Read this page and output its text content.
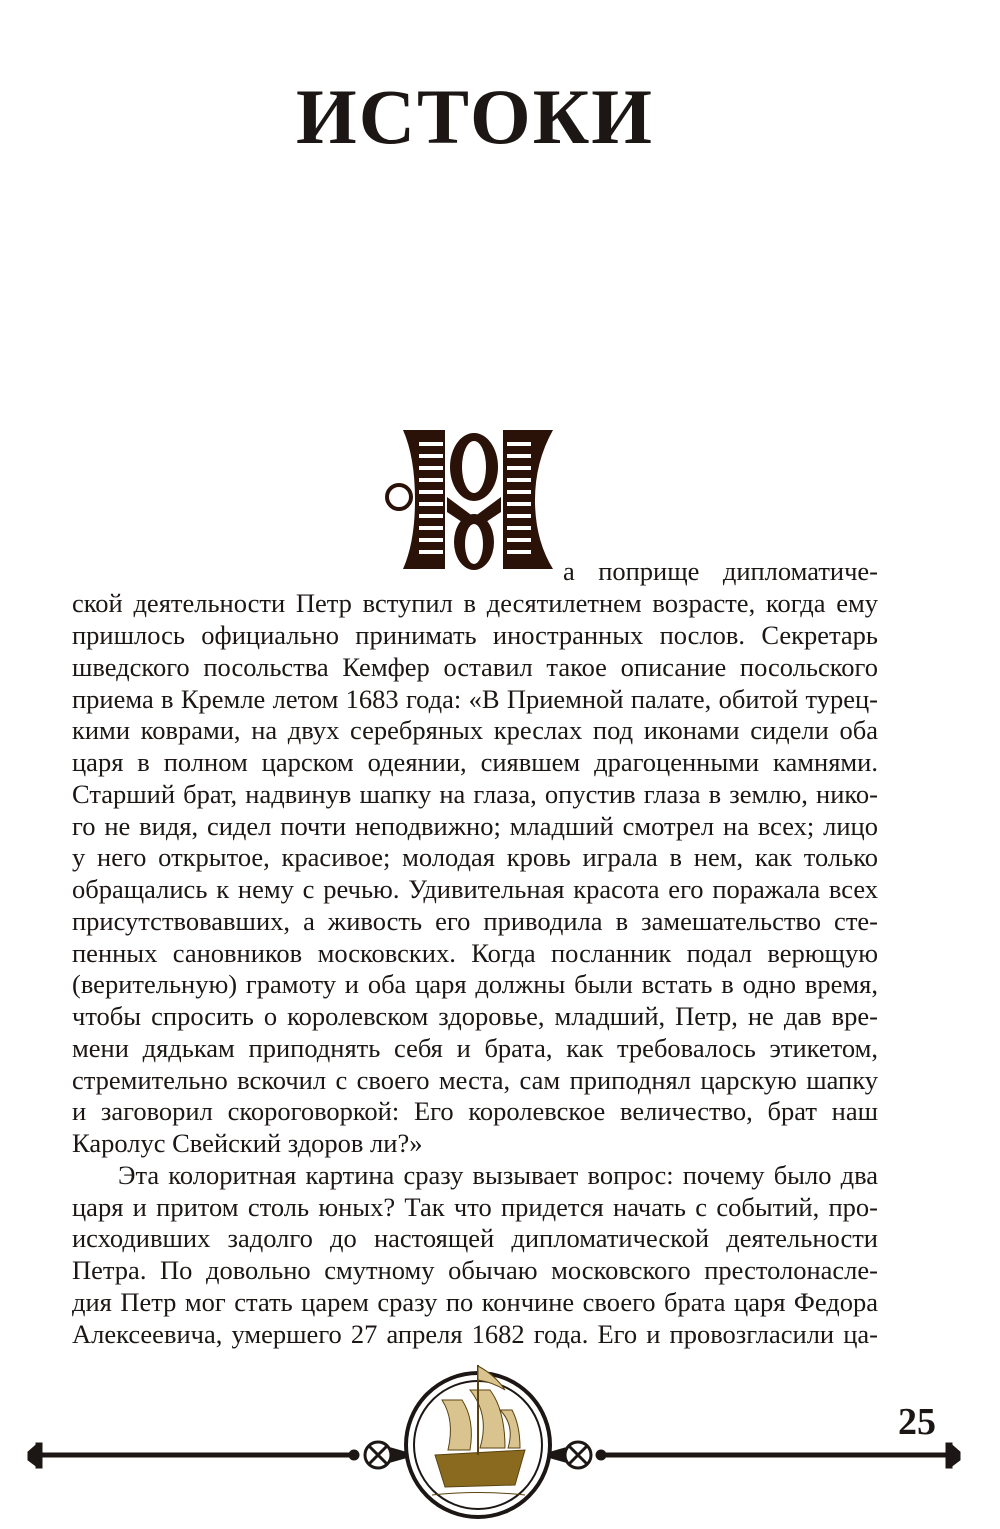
ИСТОКИ
а поприще дипломатиче-
ской деятельности Петр вступил в десятилетнем возрасте, когда ему
пришлось официально принимать иностранных послов. Секретарь
шведского посольства Кемфер оставил такое описание посольского
приема в Кремле летом 1683 года: «В Приемной палате, обитой турец-
кими коврами, на двух серебряных креслах под иконами сидели оба
царя в полном царском одеянии, сиявшем драгоценными камнями.
Старший брат, надвинув шапку на глаза, опустив глаза в землю, нико-
го не видя, сидел почти неподвижно; младший смотрел на всех; лицо
у него открытое, красивое; молодая кровь играла в нем, как только
обращались к нему с речью. Удивительная красота его поражала всех
присутствовавших, а живость его приводила в замешательство сте-
пенных сановников московских. Когда посланник подал верющую
(верительную) грамоту и оба царя должны были встать в одно время,
чтобы спросить о королевском здоровье, младший, Петр, не дав вре-
мени дядькам приподнять себя и брата, как требовалось этикетом,
стремительно вскочил с своего места, сам приподнял царскую шапку
и заговорил скороговоркой: Его королевское величество, брат наш
Каролус Свейский здоров ли?»
Эта колоритная картина сразу вызывает вопрос: почему было два
царя и притом столь юных? Так что придется начать с событий, про-
исходивших задолго до настоящей дипломатической деятельности
Петра. По довольно смутному обычаю московского престолонасле-
дия Петр мог стать царем сразу по кончине своего брата царя Федора
Алексеевича, умершего 27 апреля 1682 года. Его и провозгласили ца-
25
